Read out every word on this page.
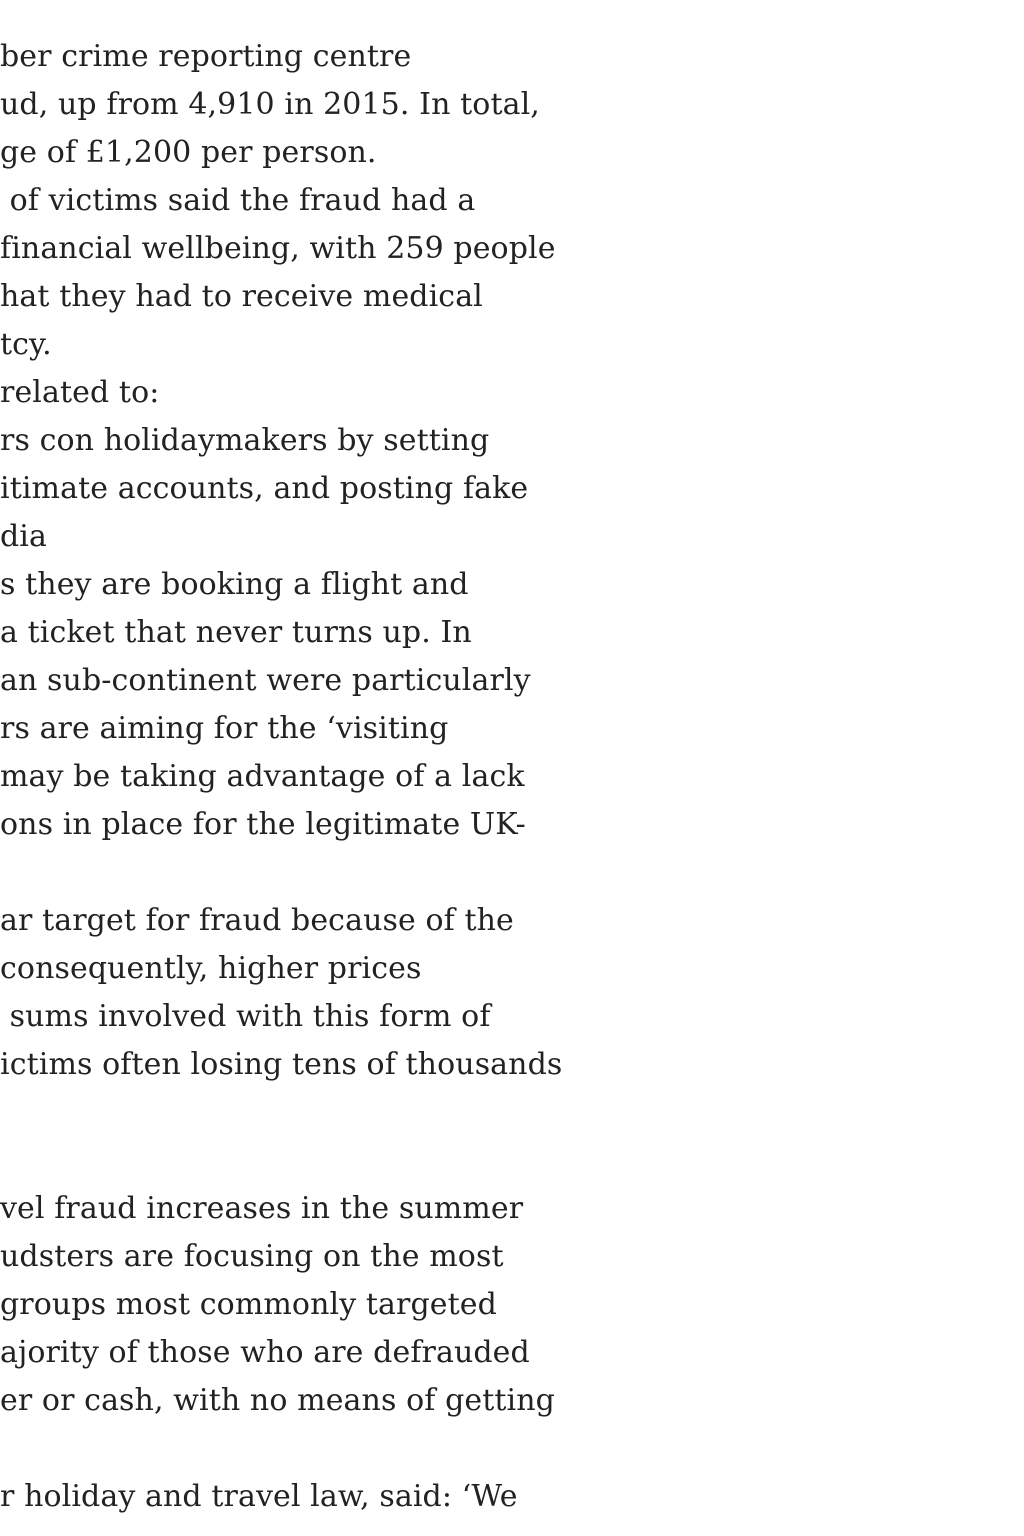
ber crime reporting centre
ud, up from 4,910 in 2015. In total,
ge of £1,200 per person.
of victims said the fraud had a
financial wellbeing, with 259 people
hat they had to receive medical
tcy.
related to:
rs con holidaymakers by setting
itimate accounts, and posting fake
dia
s they are booking a flight and
a ticket that never turns up. In
an sub-continent were particularly
rs are aiming for the ‘visiting
may be taking advantage of a lack
ons in place for the legitimate UK-
ar target for fraud because of the
consequently, higher prices
sums involved with this form of
ictims often losing tens of thousands
vel fraud increases in the summer
udsters are focusing on the most
groups most commonly targeted
ajority of those who are defrauded
er or cash, with no means of getting
r holiday and travel law, said: ‘We
